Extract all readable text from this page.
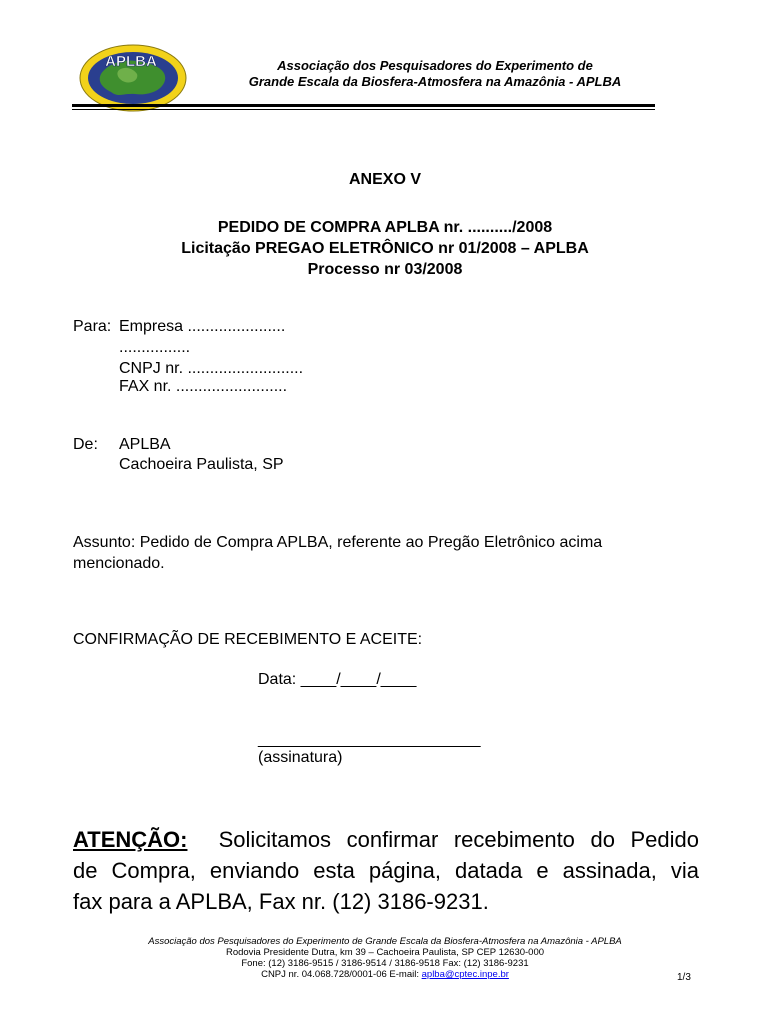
APLBA	Associação dos Pesquisadores do Experimento de
Grande Escala da Biosfera-Atmosfera na Amazônia - APLBA
ANEXO V
PEDIDO DE COMPRA APLBA nr. ........../2008
Licitação PREGAO ELETRÔNICO nr 01/2008 – APLBA
Processo nr 03/2008
Para: Empresa ......................
................
CNPJ nr. ..........................
FAX nr. .........................
De: APLBA
Cachoeira Paulista, SP
Assunto: Pedido de Compra APLBA, referente ao Pregão Eletrônico acima
mencionado.
CONFIRMAÇÃO DE RECEBIMENTO E ACEITE:
Data: ____/____/____
_________________________
(assinatura)
ATENÇÃO: Solicitamos confirmar recebimento do Pedido
de Compra, enviando esta página, datada e assinada, via
fax para a APLBA, Fax nr. (12) 3186-9231.
Associação dos Pesquisadores do Experimento de Grande Escala da Biosfera-Atmosfera na Amazônia - APLBA
Rodovia Presidente Dutra, km 39 – Cachoeira Paulista, SP CEP 12630-000
Fone: (12) 3186-9515 / 3186-9514 / 3186-9518 Fax: (12) 3186-9231
CNPJ nr. 04.068.728/0001-06 E-mail: aplba@cptec.inpe.br	1/3
